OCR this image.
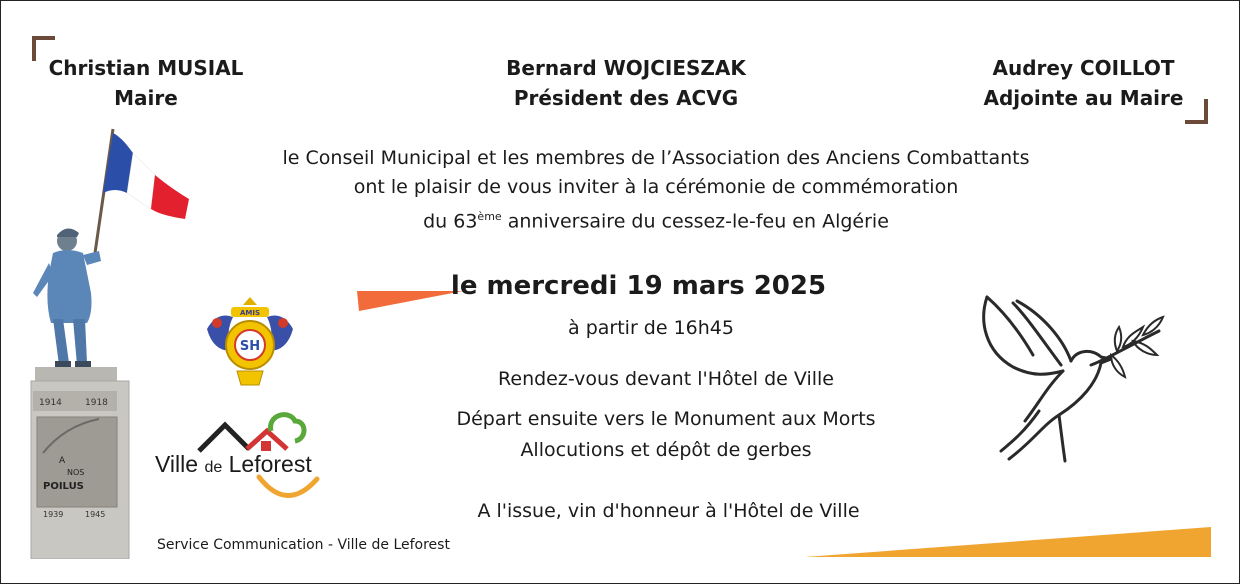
Christian MUSIAL
Maire
Bernard WOJCIESZAK
Président des ACVG
Audrey COILLOT
Adjointe au Maire
le Conseil Municipal et les membres de l’Association des Anciens Combattants
ont le plaisir de vous inviter à la cérémonie de commémoration
du 63ème anniversaire du cessez-le-feu en Algérie
le mercredi 19 mars 2025
à partir de 16h45
Rendez-vous devant l'Hôtel de Ville
Départ ensuite vers le Monument aux Morts
Allocutions et dépôt de gerbes
A l'issue, vin d'honneur à l'Hôtel de Ville
1914	1918
A
NOS
POILUS
1939	1945
AMIS
SH
Ville de Leforest
Service Communication - Ville de Leforest
